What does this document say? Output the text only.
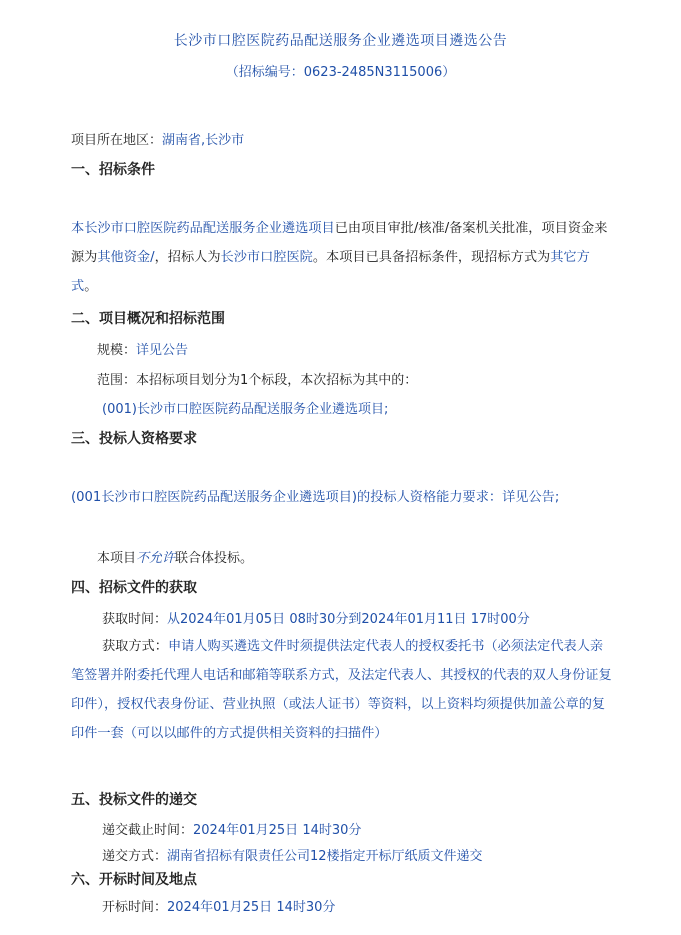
长沙市口腔医院药品配送服务企业遴选项目遴选公告
（招标编号：0623-2485N3115006）
项目所在地区：湖南省,长沙市
一、招标条件
本长沙市口腔医院药品配送服务企业遴选项目已由项目审批/核准/备案机关批准，项目资金来源为其他资金/，招标人为长沙市口腔医院。本项目已具备招标条件，现招标方式为其它方式。
二、项目概况和招标范围
规模：详见公告
范围：本招标项目划分为1个标段，本次招标为其中的：
(001)长沙市口腔医院药品配送服务企业遴选项目;
三、投标人资格要求
(001长沙市口腔医院药品配送服务企业遴选项目)的投标人资格能力要求：详见公告;
本项目不允许联合体投标。
四、招标文件的获取
获取时间：从2024年01月05日 08时30分到2024年01月11日 17时00分
获取方式：申请人购买遴选文件时须提供法定代表人的授权委托书（必须法定代表人亲笔签署并附委托代理人电话和邮箱等联系方式，及法定代表人、其授权的代表的双人身份证复印件），授权代表身份证、营业执照（或法人证书）等资料，以上资料均须提供加盖公章的复印件一套（可以以邮件的方式提供相关资料的扫描件）
五、投标文件的递交
递交截止时间：2024年01月25日 14时30分
递交方式：湖南省招标有限责任公司12楼指定开标厅纸质文件递交
六、开标时间及地点
开标时间：2024年01月25日 14时30分
